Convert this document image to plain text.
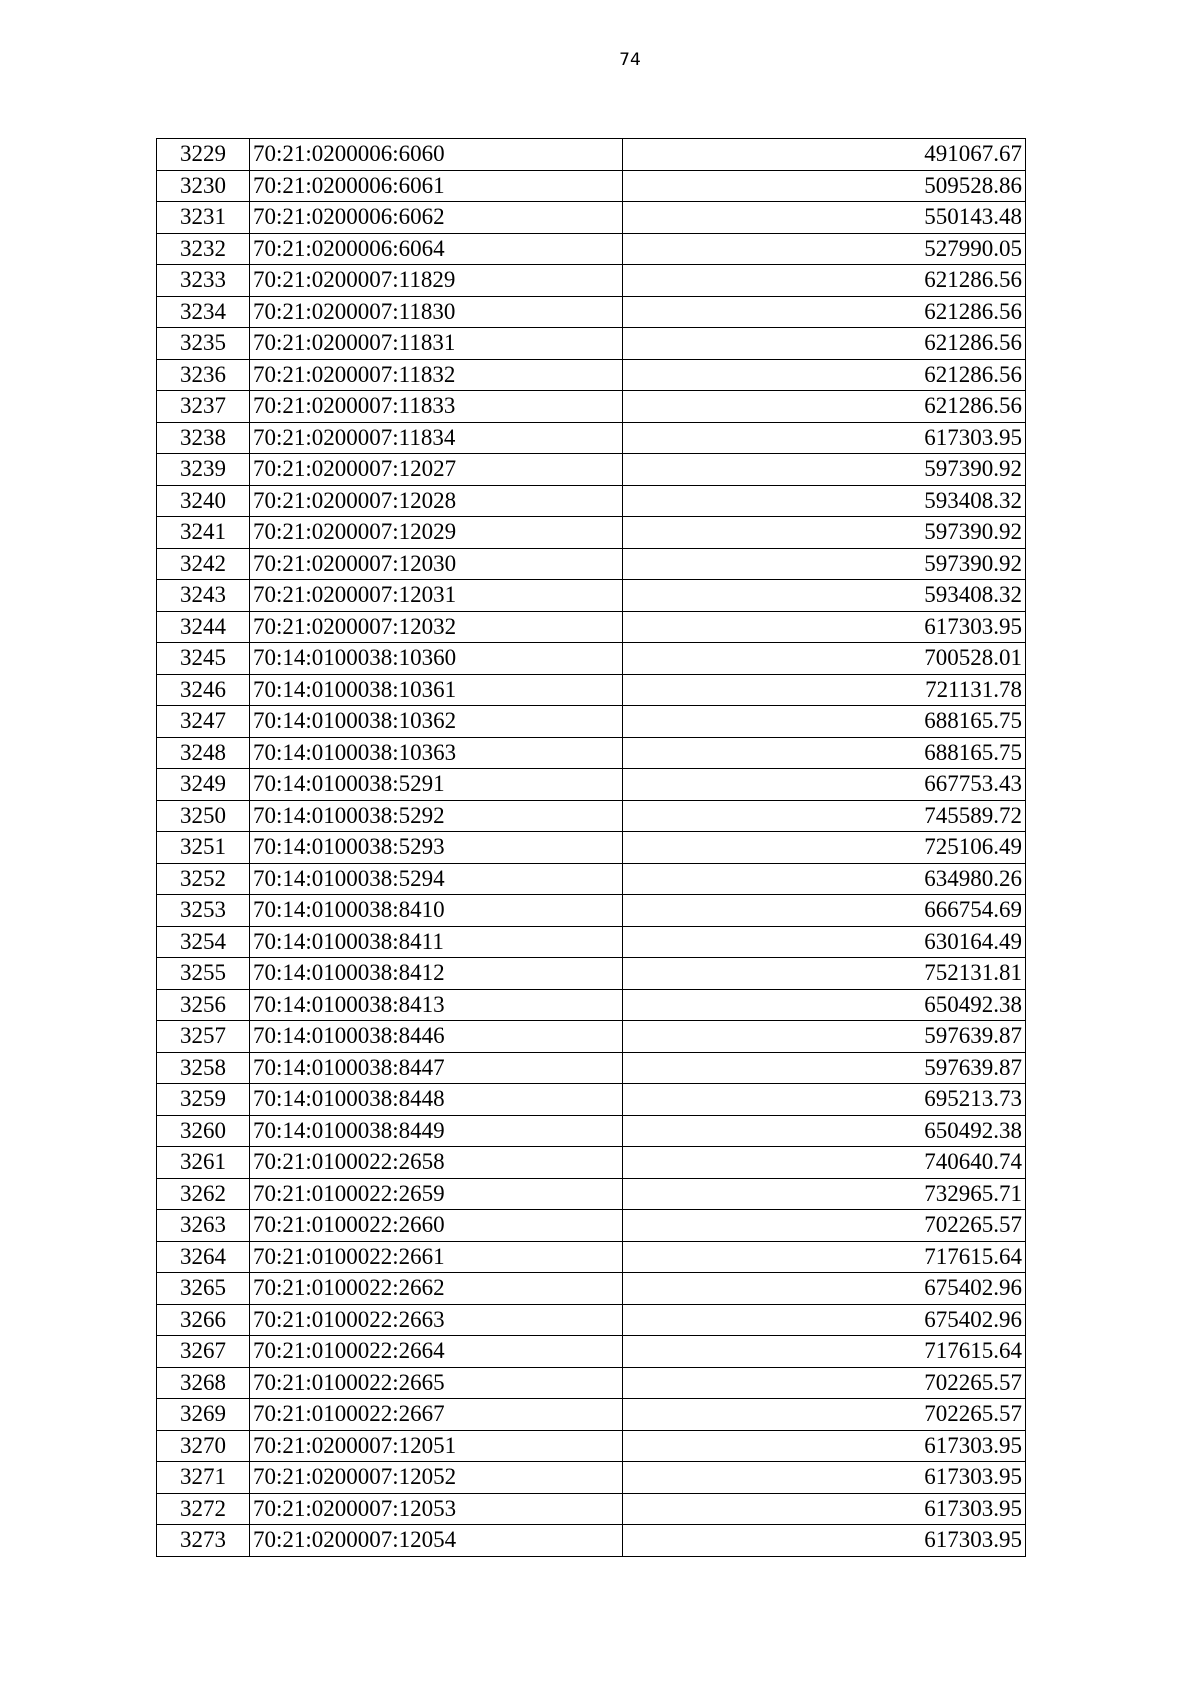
74
3229	70:21:0200006:6060	491067.67
3230	70:21:0200006:6061	509528.86
3231	70:21:0200006:6062	550143.48
3232	70:21:0200006:6064	527990.05
3233	70:21:0200007:11829	621286.56
3234	70:21:0200007:11830	621286.56
3235	70:21:0200007:11831	621286.56
3236	70:21:0200007:11832	621286.56
3237	70:21:0200007:11833	621286.56
3238	70:21:0200007:11834	617303.95
3239	70:21:0200007:12027	597390.92
3240	70:21:0200007:12028	593408.32
3241	70:21:0200007:12029	597390.92
3242	70:21:0200007:12030	597390.92
3243	70:21:0200007:12031	593408.32
3244	70:21:0200007:12032	617303.95
3245	70:14:0100038:10360	700528.01
3246	70:14:0100038:10361	721131.78
3247	70:14:0100038:10362	688165.75
3248	70:14:0100038:10363	688165.75
3249	70:14:0100038:5291	667753.43
3250	70:14:0100038:5292	745589.72
3251	70:14:0100038:5293	725106.49
3252	70:14:0100038:5294	634980.26
3253	70:14:0100038:8410	666754.69
3254	70:14:0100038:8411	630164.49
3255	70:14:0100038:8412	752131.81
3256	70:14:0100038:8413	650492.38
3257	70:14:0100038:8446	597639.87
3258	70:14:0100038:8447	597639.87
3259	70:14:0100038:8448	695213.73
3260	70:14:0100038:8449	650492.38
3261	70:21:0100022:2658	740640.74
3262	70:21:0100022:2659	732965.71
3263	70:21:0100022:2660	702265.57
3264	70:21:0100022:2661	717615.64
3265	70:21:0100022:2662	675402.96
3266	70:21:0100022:2663	675402.96
3267	70:21:0100022:2664	717615.64
3268	70:21:0100022:2665	702265.57
3269	70:21:0100022:2667	702265.57
3270	70:21:0200007:12051	617303.95
3271	70:21:0200007:12052	617303.95
3272	70:21:0200007:12053	617303.95
3273	70:21:0200007:12054	617303.95
